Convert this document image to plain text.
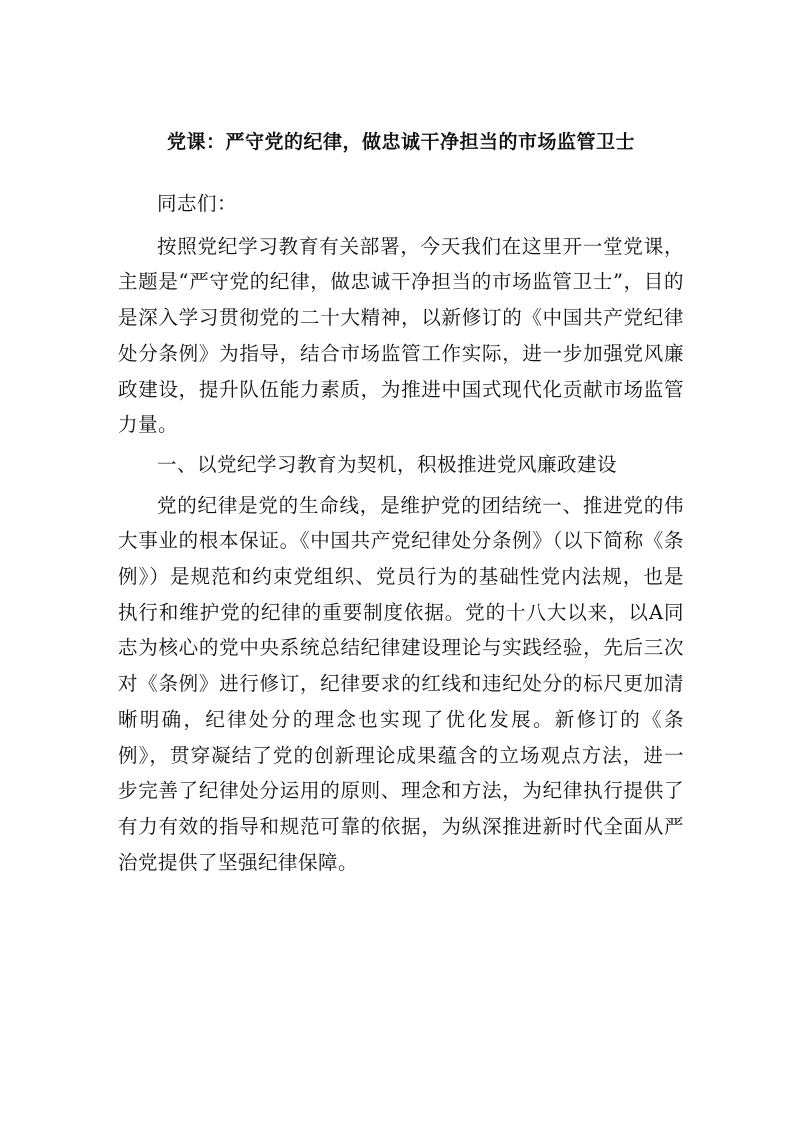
党课：严守党的纪律，做忠诚干净担当的市场监管卫士

同志们：

按照党纪学习教育有关部署，今天我们在这里开一堂党课，主题是“严守党的纪律，做忠诚干净担当的市场监管卫士”，目的是深入学习贯彻党的二十大精神，以新修订的《中国共产党纪律处分条例》为指导，结合市场监管工作实际，进一步加强党风廉政建设，提升队伍能力素质，为推进中国式现代化贡献市场监管力量。

一、以党纪学习教育为契机，积极推进党风廉政建设

党的纪律是党的生命线，是维护党的团结统一、推进党的伟大事业的根本保证。《中国共产党纪律处分条例》（以下简称《条例》）是规范和约束党组织、党员行为的基础性党内法规，也是执行和维护党的纪律的重要制度依据。党的十八大以来，以A同志为核心的党中央系统总结纪律建设理论与实践经验，先后三次对《条例》进行修订，纪律要求的红线和违纪处分的标尺更加清晰明确，纪律处分的理念也实现了优化发展。新修订的《条例》，贯穿凝结了党的创新理论成果蕴含的立场观点方法，进一步完善了纪律处分运用的原则、理念和方法，为纪律执行提供了有力有效的指导和规范可靠的依据，为纵深推进新时代全面从严治党提供了坚强纪律保障。
